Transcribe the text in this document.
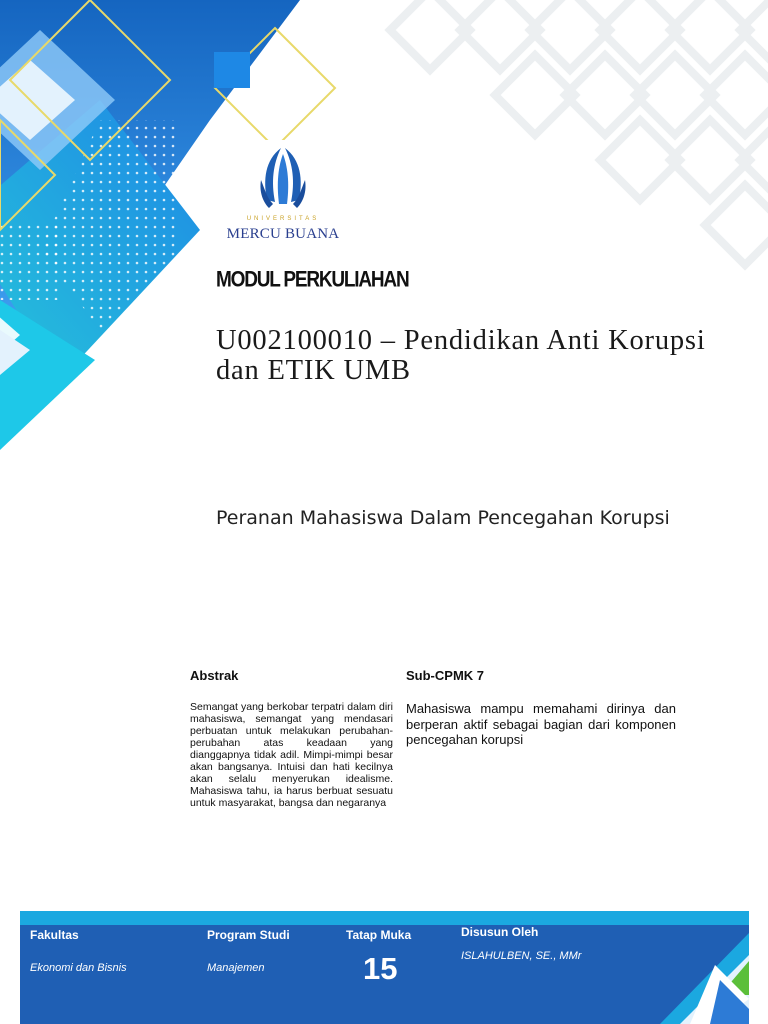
UNIVERSITAS
MERCU BUANA
MODUL PERKULIAHAN
U002100010 – Pendidikan Anti Korupsi dan ETIK UMB
Peranan Mahasiswa Dalam Pencegahan Korupsi
Abstrak	Sub-CPMK 7
Semangat yang berkobar terpatri dalam diri mahasiswa, semangat yang mendasari perbuatan untuk melakukan perubahan-perubahan atas keadaan yang dianggapnya tidak adil. Mimpi-mimpi besar akan bangsanya. Intuisi dan hati kecilnya akan selalu menyerukan idealisme. Mahasiswa tahu, ia harus berbuat sesuatu untuk masyarakat, bangsa dan negaranya
Mahasiswa mampu memahami dirinya dan berperan aktif sebagai bagian dari komponen pencegahan korupsi
Fakultas
Ekonomi dan Bisnis
Program Studi
Manajemen
Tatap Muka
15
Disusun Oleh
ISLAHULBEN, SE., MMr
